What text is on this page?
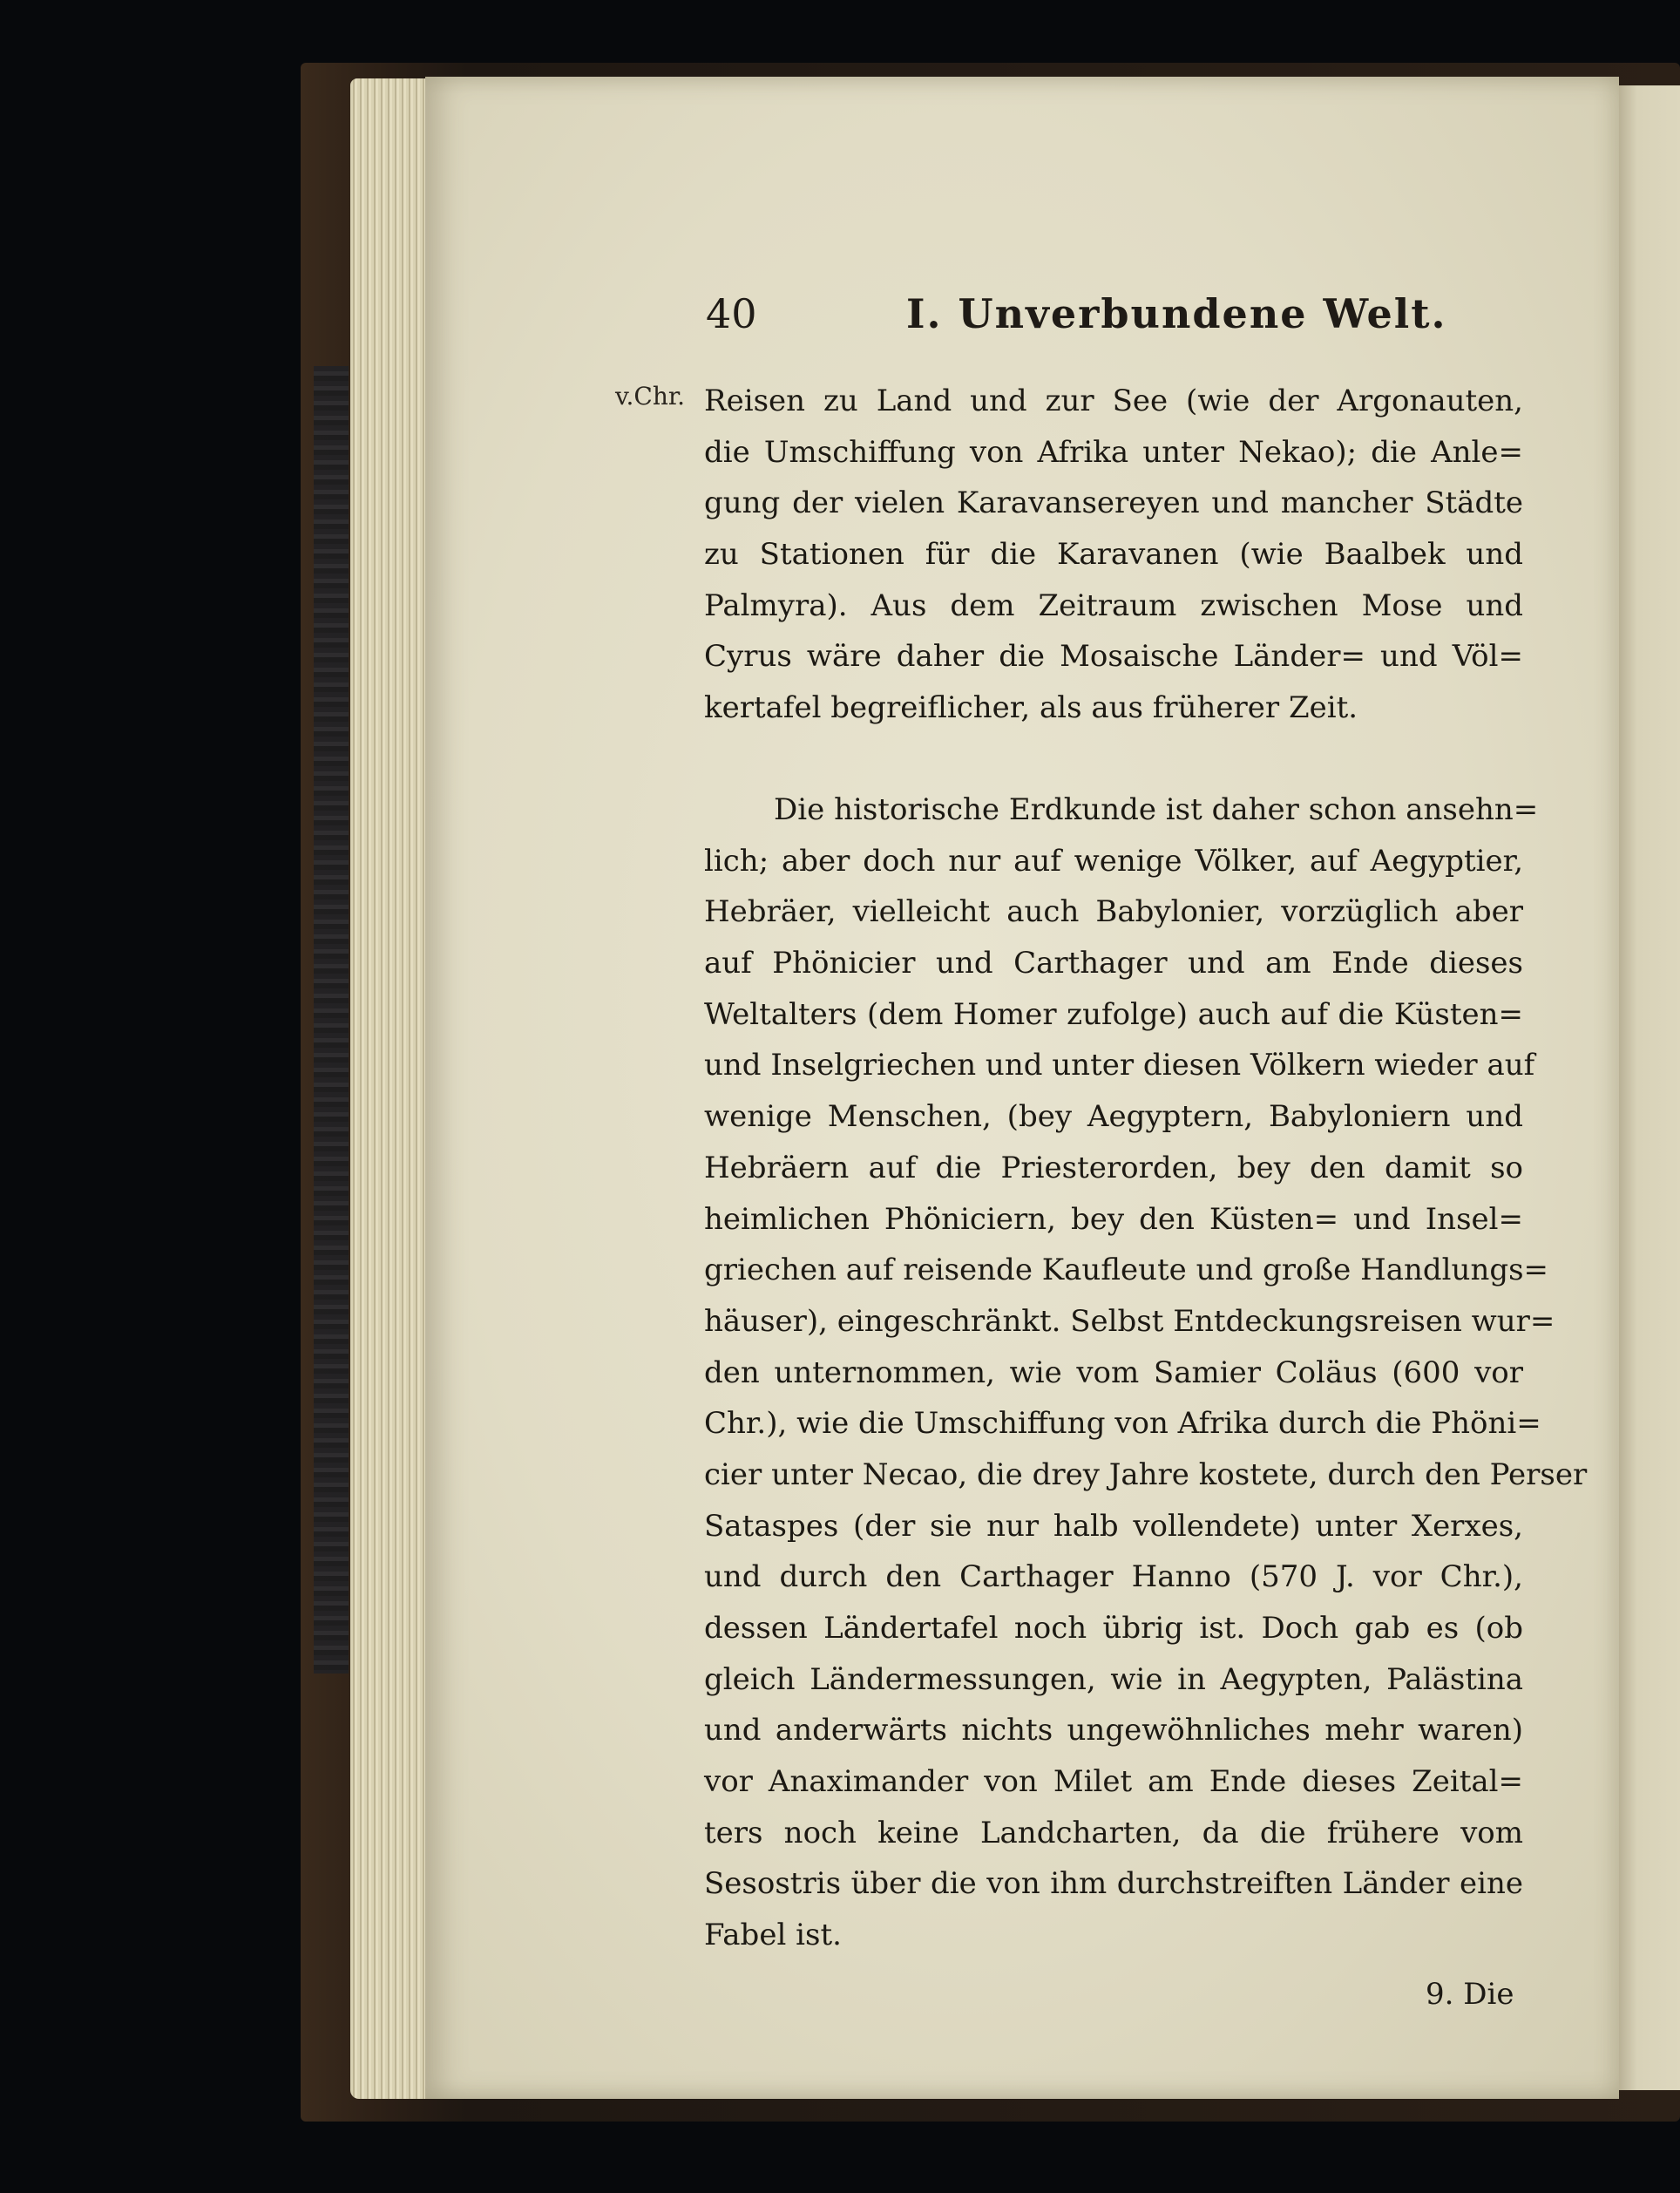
40	I. Unverbundene Welt.
v.Chr. Reisen zu Land und zur See (wie der Argonauten,
die Umschiffung von Afrika unter Nekao); die Anle=
gung der vielen Karavansereyen und mancher Städte
zu Stationen für die Karavanen (wie Baalbek und
Palmyra). Aus dem Zeitraum zwischen Mose und
Cyrus wäre daher die Mosaische Länder= und Völ=
kertafel begreiflicher, als aus früherer Zeit.
Die historische Erdkunde ist daher schon ansehn=
lich; aber doch nur auf wenige Völker, auf Aegyptier,
Hebräer, vielleicht auch Babylonier, vorzüglich aber
auf Phönicier und Carthager und am Ende dieses
Weltalters (dem Homer zufolge) auch auf die Küsten=
und Inselgriechen und unter diesen Völkern wieder auf
wenige Menschen, (bey Aegyptern, Babyloniern und
Hebräern auf die Priesterorden, bey den damit so
heimlichen Phöniciern, bey den Küsten= und Insel=
griechen auf reisende Kaufleute und große Handlungs=
häuser), eingeschränkt. Selbst Entdeckungsreisen wur=
den unternommen, wie vom Samier Coläus (600 vor
Chr.), wie die Umschiffung von Afrika durch die Phöni=
cier unter Necao, die drey Jahre kostete, durch den Perser
Sataspes (der sie nur halb vollendete) unter Xerxes,
und durch den Carthager Hanno (570 J. vor Chr.),
dessen Ländertafel noch übrig ist. Doch gab es (ob
gleich Ländermessungen, wie in Aegypten, Palästina
und anderwärts nichts ungewöhnliches mehr waren)
vor Anaximander von Milet am Ende dieses Zeital=
ters noch keine Landcharten, da die frühere vom
Sesostris über die von ihm durchstreiften Länder eine
Fabel ist.
9. Die
